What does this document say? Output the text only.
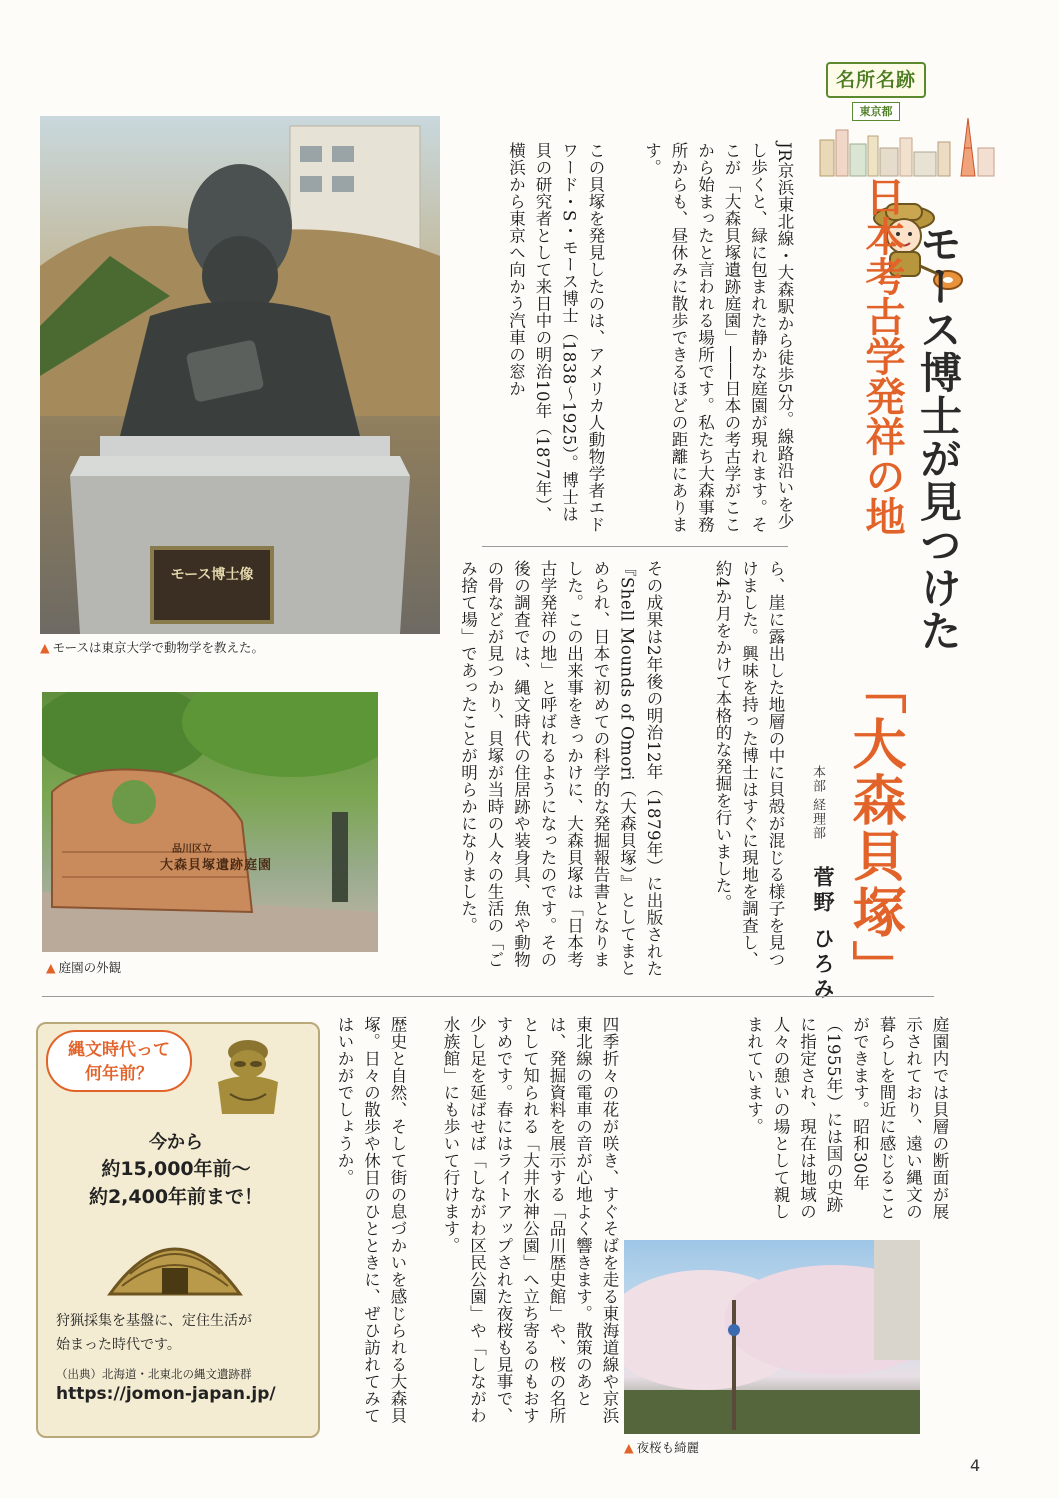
名所名跡
東京都
モース博士が見つけた
日本考古学発祥の地
「大森貝塚」
本部 経理部
菅野 ひろみ
モース博士像
▲ モースは東京大学で動物学を教えた。
品川区立
大森貝塚遺跡庭園
▲ 庭園の外観
JR京浜東北線・大森駅から徒歩5分。線路沿いを少し歩くと、緑に包まれた静かな庭園が現れます。そこが「大森貝塚遺跡庭園」――日本の考古学がここから始まったと言われる場所です。私たち大森事務所からも、昼休みに散歩できるほどの距離にあります。
この貝塚を発見したのは、アメリカ人動物学者エドワード・S・モース博士（1838～1925）。博士は貝の研究者として来日中の明治10年（1877年）、横浜から東京へ向かう汽車の窓か
ら、崖に露出した地層の中に貝殻が混じる様子を見つけました。興味を持った博士はすぐに現地を調査し、約4か月をかけて本格的な発掘を行いました。
その成果は2年後の明治12年（1879年）に出版された『Shell Mounds of Omori（大森貝塚）』としてまとめられ、日本で初めての科学的な発掘報告書となりました。この出来事をきっかけに、大森貝塚は「日本考古学発祥の地」と呼ばれるようになったのです。その後の調査では、縄文時代の住居跡や装身具、魚や動物の骨などが見つかり、貝塚が当時の人々の生活の「ごみ捨て場」であったことが明らかになりました。
庭園内では貝層の断面が展示されており、遠い縄文の暮らしを間近に感じることができます。昭和30年（1955年）には国の史跡に指定され、現在は地域の人々の憩いの場として親しまれています。
四季折々の花が咲き、すぐそばを走る東海道線や京浜東北線の電車の音が心地よく響きます。散策のあとは、発掘資料を展示する「品川歴史館」や、桜の名所として知られる「大井水神公園」へ立ち寄るのもおすすめです。春にはライトアップされた夜桜も見事で、少し足を延ばせば「しながわ区民公園」や「しながわ水族館」にも歩いて行けます。
歴史と自然、そして街の息づかいを感じられる大森貝塚。日々の散歩や休日のひとときに、ぜひ訪れてみてはいかがでしょうか。
▲ 夜桜も綺麗
縄文時代って
何年前？
今から
約15,000年前～
約2,400年前まで！
狩猟採集を基盤に、定住生活が
始まった時代です。
（出典）北海道・北東北の縄文遺跡群
https://jomon-japan.jp/
4
